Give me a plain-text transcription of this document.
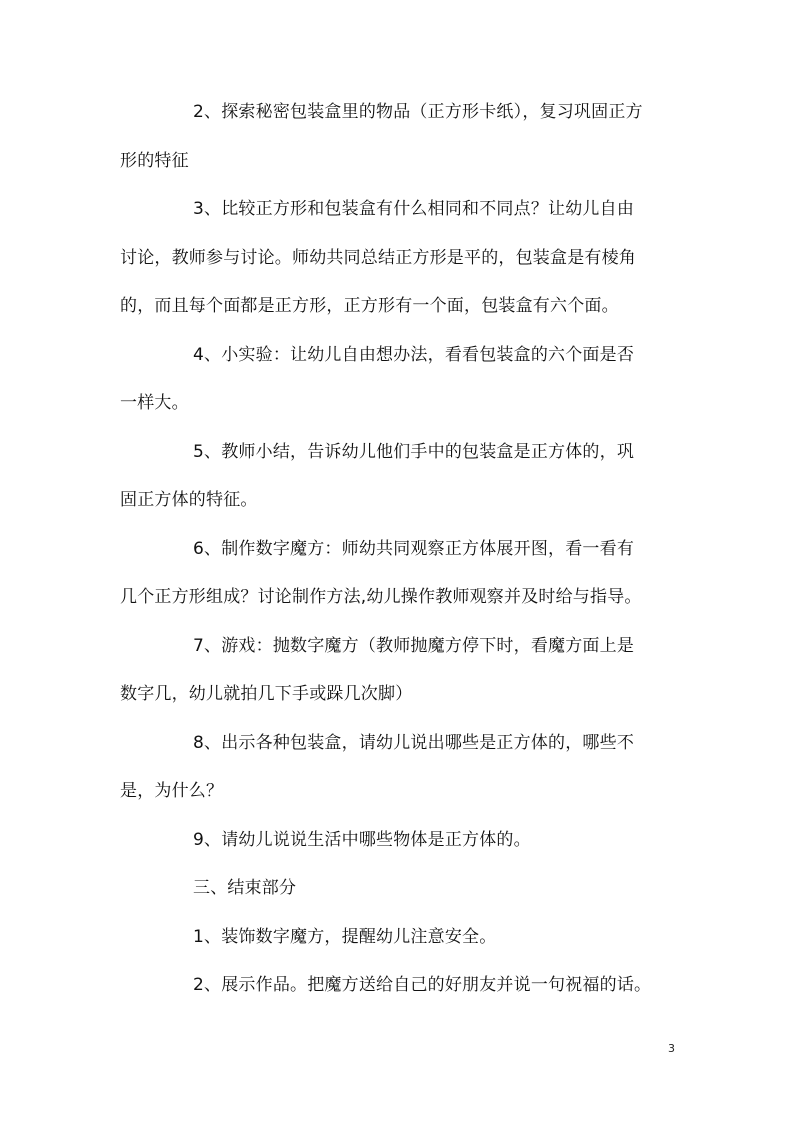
2、探索秘密包装盒里的物品（正方形卡纸），复习巩固正方
形的特征
3、比较正方形和包装盒有什么相同和不同点？让幼儿自由
讨论，教师参与讨论。师幼共同总结正方形是平的，包装盒是有棱角
的，而且每个面都是正方形，正方形有一个面，包装盒有六个面。
4、小实验：让幼儿自由想办法，看看包装盒的六个面是否
一样大。
5、教师小结，告诉幼儿他们手中的包装盒是正方体的，巩
固正方体的特征。
6、制作数字魔方：师幼共同观察正方体展开图，看一看有
几个正方形组成？讨论制作方法,幼儿操作教师观察并及时给与指导。
7、游戏：抛数字魔方（教师抛魔方停下时，看魔方面上是
数字几，幼儿就拍几下手或跺几次脚）
8、出示各种包装盒，请幼儿说出哪些是正方体的，哪些不
是，为什么？
9、请幼儿说说生活中哪些物体是正方体的。
三、结束部分
1、装饰数字魔方，提醒幼儿注意安全。
2、展示作品。把魔方送给自己的好朋友并说一句祝福的话。
3
